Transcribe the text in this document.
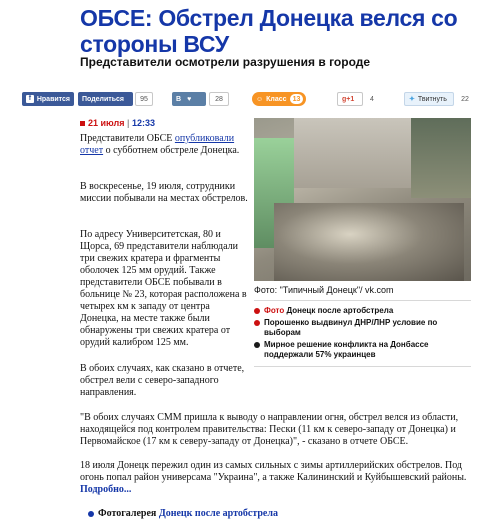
ОБСЕ: Обстрел Донецка велся со стороны ВСУ
Представители осмотрели разрушения в городе
f Нравится Поделиться	95	В ♥	28	☺ Класс 13	g+1	4	✦ Твитнуть	22
21 июля | 12:33

Представители ОБСЕ опубликовали отчет о субботнем обстреле Донецка.

В воскресенье, 19 июля, сотрудники миссии побывали на местах обстрелов.

По адресу Университетская, 80 и Щорса, 69 представители наблюдали три свежих кратера и фрагменты оболочек 125 мм орудий. Также представители ОБСЕ побывали в больнице № 23, которая расположена в четырех км к западу от центра Донецка, на месте также были обнаружены три свежих кратера от орудий калибром 125 мм.

В обоих случаях, как сказано в отчете, обстрел вели с северо-западного направления.

Фото: "Типичный Донецк"/ vk.com
Фото Донецк после артобстрела
Порошенко выдвинул ДНР/ЛНР условие по выборам
Мирное решение конфликта на Донбассе поддержали 57% украинцев

"В обоих случаях СММ пришла к выводу о направлении огня, обстрел велся из области, находящейся под контролем правительства: Пески (11 км к северо-западу от Донецка) и Первомайское (17 км к северу-западу от Донецка)", - сказано в отчете ОБСЕ.

18 июля Донецк пережил один из самых сильных с зимы артиллерийских обстрелов. Под огонь попал район универсама "Украина", а также Калининский и Куйбышевский районы. Подробно...

Фотогалерея Донецк после артобстрела
